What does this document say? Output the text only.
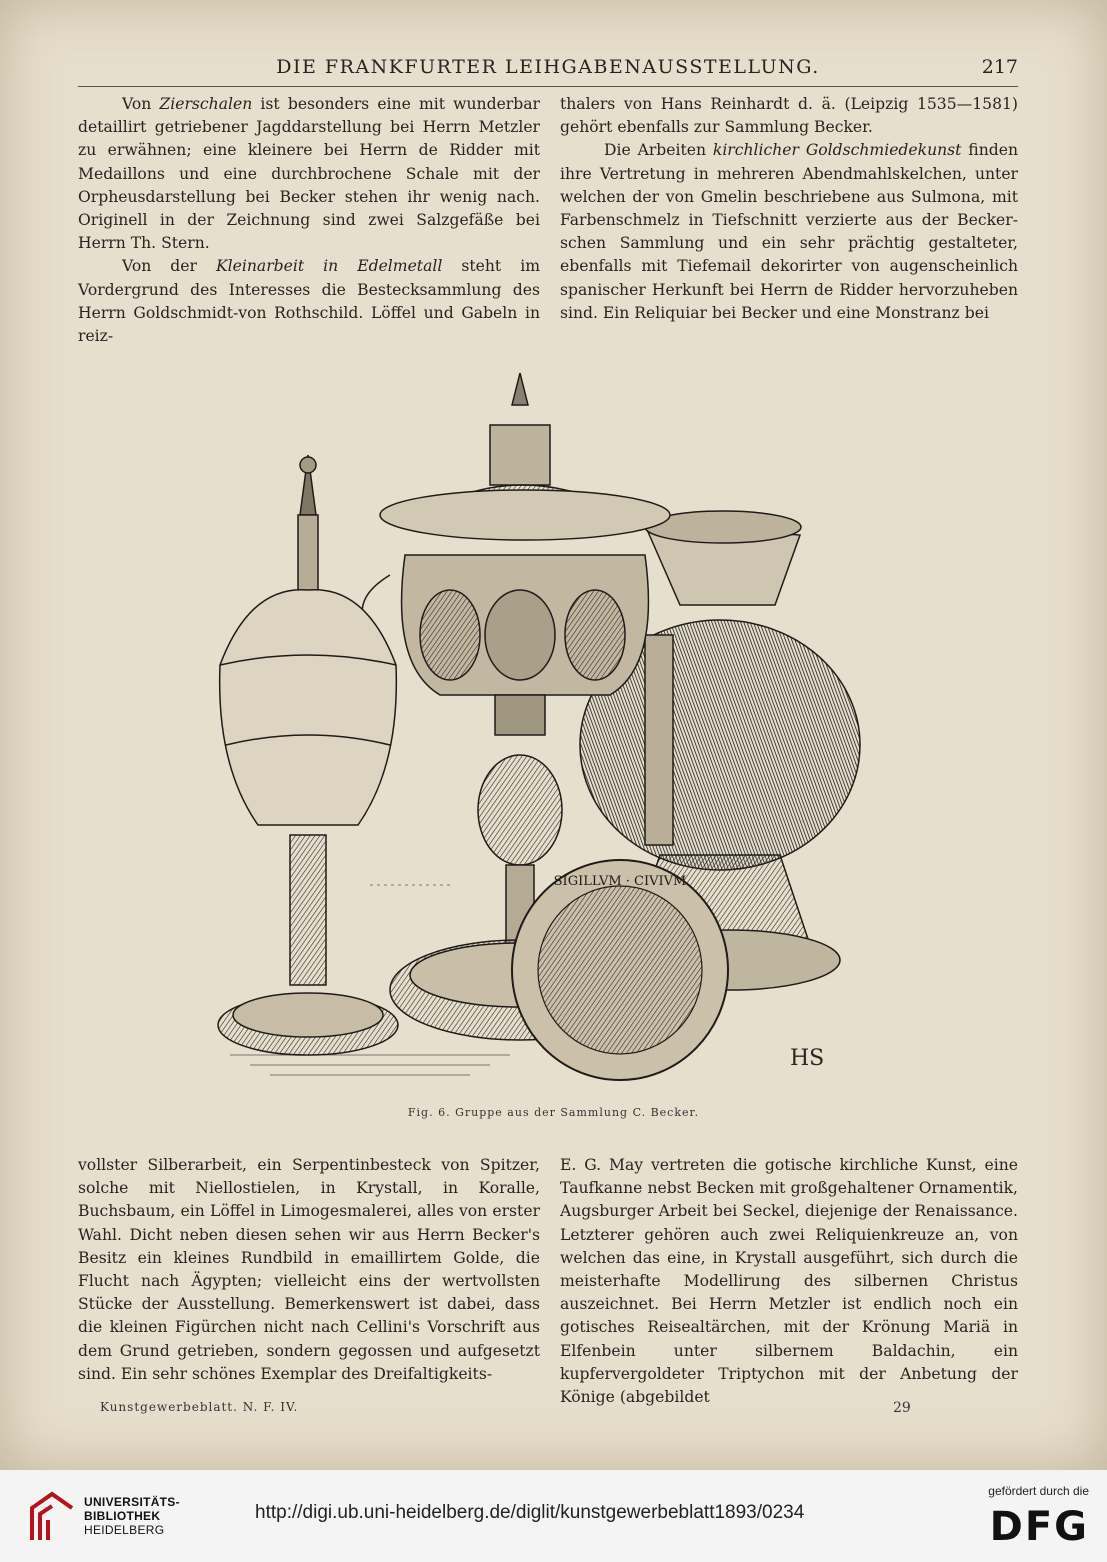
DIE FRANKFURTER LEIHGABENAUSSTELLUNG.	217

Von Zierschalen ist besonders eine mit wunderbar detaillirt getriebener Jagddarstellung bei Herrn Metzler zu erwähnen; eine kleinere bei Herrn de Ridder mit Medaillons und eine durchbrochene Schale mit der Orpheusdarstellung bei Becker stehen ihr wenig nach. Originell in der Zeichnung sind zwei Salzgefäße bei Herrn Th. Stern.

Von der Kleinarbeit in Edelmetall steht im Vordergrund des Interesses die Bestecksammlung des Herrn Goldschmidt-von Rothschild. Löffel und Gabeln in reiz-

thalers von Hans Reinhardt d. ä. (Leipzig 1535—1581) gehört ebenfalls zur Sammlung Becker.

Die Arbeiten kirchlicher Goldschmiedekunst finden ihre Vertretung in mehreren Abendmahlskelchen, unter welchen der von Gmelin beschriebene aus Sulmona, mit Farbenschmelz in Tiefschnitt verzierte aus der Becker-schen Sammlung und ein sehr prächtig gestalteter, ebenfalls mit Tiefemail dekorirter von augenscheinlich spanischer Herkunft bei Herrn de Ridder hervorzuheben sind. Ein Reliquiar bei Becker und eine Monstranz bei

SIGILLVM · CIVIVM
HS
Fig. 6. Gruppe aus der Sammlung C. Becker.

vollster Silberarbeit, ein Serpentinbesteck von Spitzer, solche mit Niellostielen, in Krystall, in Koralle, Buchsbaum, ein Löffel in Limogesmalerei, alles von erster Wahl. Dicht neben diesen sehen wir aus Herrn Becker's Besitz ein kleines Rundbild in emaillirtem Golde, die Flucht nach Ägypten; vielleicht eins der wertvollsten Stücke der Ausstellung. Bemerkenswert ist dabei, dass die kleinen Figürchen nicht nach Cellini's Vorschrift aus dem Grund getrieben, sondern gegossen und aufgesetzt sind. Ein sehr schönes Exemplar des Dreifaltigkeits-

E. G. May vertreten die gotische kirchliche Kunst, eine Taufkanne nebst Becken mit großgehaltener Ornamentik, Augsburger Arbeit bei Seckel, diejenige der Renaissance. Letzterer gehören auch zwei Reliquienkreuze an, von welchen das eine, in Krystall ausgeführt, sich durch die meisterhafte Modellirung des silbernen Christus auszeichnet. Bei Herrn Metzler ist endlich noch ein gotisches Reisealtärchen, mit der Krönung Mariä in Elfenbein unter silbernem Baldachin, ein kupfervergoldeter Triptychon mit der Anbetung der Könige (abgebildet

Kunstgewerbeblatt. N. F. IV.	29
UNIVERSITÄTS-
BIBLIOTHEK
HEIDELBERG
http://digi.ub.uni-heidelberg.de/diglit/kunstgewerbeblatt1893/0234
gefördert durch die
DFG
